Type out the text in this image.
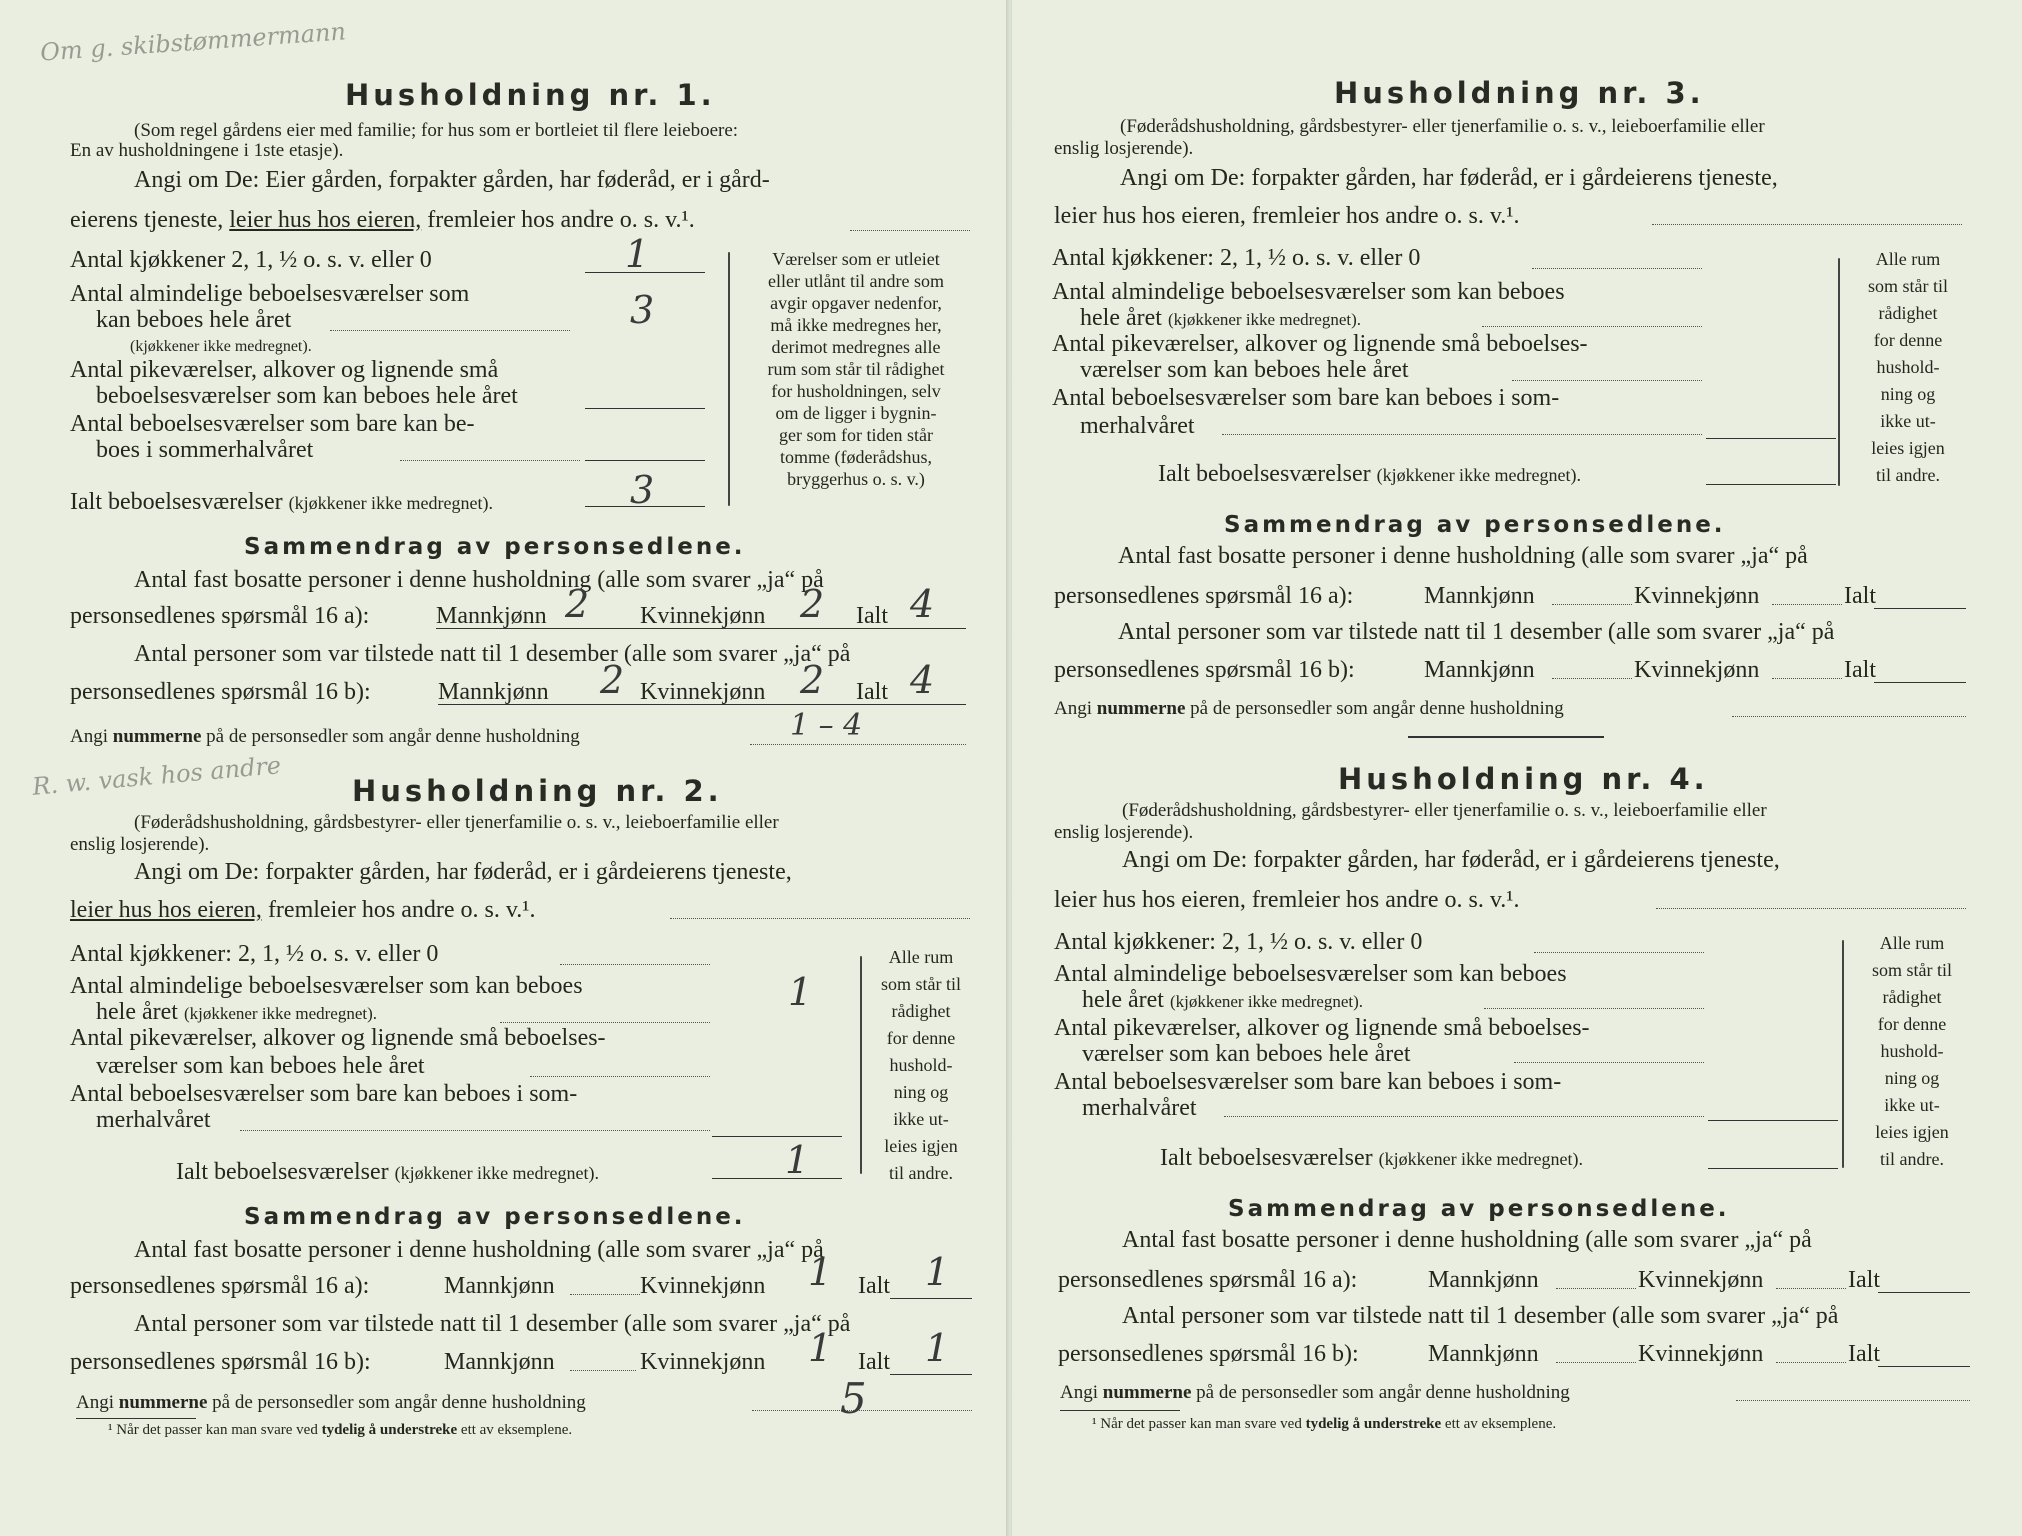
Om g. skibstømmermann
Husholdning nr. 1.
(Som regel gårdens eier med familie; for hus som er bortleiet til flere leieboere:
En av husholdningene i 1ste etasje).
Angi om De: Eier gården, forpakter gården, har føderåd, er i gård-
eierens tjeneste, leier hus hos eieren, fremleier hos andre o. s. v.¹.
Antal kjøkkener 2, 1, ½ o. s. v. eller 0	1
Antal almindelige beboelsesværelser som
kan beboes hele året	3
(kjøkkener ikke medregnet).
Antal pikeværelser, alkover og lignende små
beboelsesværelser som kan beboes hele året
Antal beboelsesværelser som bare kan be-
boes i sommerhalvåret
Ialt beboelsesværelser (kjøkkener ikke medregnet).	3
Værelser som er utleiet
eller utlånt til andre som
avgir opgaver nedenfor,
må ikke medregnes her,
derimot medregnes alle
rum som står til rådighet
for husholdningen, selv
om de ligger i bygnin-
ger som for tiden står
tomme (føderådshus,
bryggerhus o. s. v.)
Sammendrag av personsedlene.
Antal fast bosatte personer i denne husholdning (alle som svarer „ja“ på
personsedlenes spørsmål 16 a):	Mannkjønn 2 Kvinnekjønn 2 Ialt 4
Antal personer som var tilstede natt til 1 desember (alle som svarer „ja“ på
personsedlenes spørsmål 16 b):	Mannkjønn 2 Kvinnekjønn 2 Ialt 4
Angi nummerne på de personsedler som angår denne husholdning	1 – 4
R. w. vask hos andre Husholdning nr. 2.
(Føderådshusholdning, gårdsbestyrer- eller tjenerfamilie o. s. v., leieboerfamilie eller
enslig losjerende).
Angi om De: forpakter gården, har føderåd, er i gårdeierens tjeneste,
leier hus hos eieren, fremleier hos andre o. s. v.¹.
Antal kjøkkener: 2, 1, ½ o. s. v. eller 0
Antal almindelige beboelsesværelser som kan beboes
hele året (kjøkkener ikke medregnet).	1
Antal pikeværelser, alkover og lignende små beboelses-
værelser som kan beboes hele året
Antal beboelsesværelser som bare kan beboes i som-
merhalvåret
Ialt beboelsesværelser (kjøkkener ikke medregnet).	1
Alle rum
som står til
rådighet
for denne
hushold-
ning og
ikke ut-
leies igjen
til andre.
Sammendrag av personsedlene.
Antal fast bosatte personer i denne husholdning (alle som svarer „ja“ på
personsedlenes spørsmål 16 a):	Mannkjønn	Kvinnekjønn 1 Ialt 1
Antal personer som var tilstede natt til 1 desember (alle som svarer „ja“ på
personsedlenes spørsmål 16 b):	Mannkjønn	Kvinnekjønn 1 Ialt 1
Angi nummerne på de personsedler som angår denne husholdning	5
¹ Når det passer kan man svare ved tydelig å understreke ett av eksemplene.
Husholdning nr. 3.
(Føderådshusholdning, gårdsbestyrer- eller tjenerfamilie o. s. v., leieboerfamilie eller
enslig losjerende).
Angi om De: forpakter gården, har føderåd, er i gårdeierens tjeneste,
leier hus hos eieren, fremleier hos andre o. s. v.¹.
Antal kjøkkener: 2, 1, ½ o. s. v. eller 0
Antal almindelige beboelsesværelser som kan beboes
hele året (kjøkkener ikke medregnet).
Antal pikeværelser, alkover og lignende små beboelses-
værelser som kan beboes hele året
Antal beboelsesværelser som bare kan beboes i som-
merhalvåret
Ialt beboelsesværelser (kjøkkener ikke medregnet).
Alle rum
som står til
rådighet
for denne
hushold-
ning og
ikke ut-
leies igjen
til andre.
Sammendrag av personsedlene.
Antal fast bosatte personer i denne husholdning (alle som svarer „ja“ på
personsedlenes spørsmål 16 a):	Mannkjønn	Kvinnekjønn	Ialt
Antal personer som var tilstede natt til 1 desember (alle som svarer „ja“ på
personsedlenes spørsmål 16 b):	Mannkjønn	Kvinnekjønn	Ialt
Angi nummerne på de personsedler som angår denne husholdning
Husholdning nr. 4.
(Føderådshusholdning, gårdsbestyrer- eller tjenerfamilie o. s. v., leieboerfamilie eller
enslig losjerende).
Angi om De: forpakter gården, har føderåd, er i gårdeierens tjeneste,
leier hus hos eieren, fremleier hos andre o. s. v.¹.
Antal kjøkkener: 2, 1, ½ o. s. v. eller 0
Antal almindelige beboelsesværelser som kan beboes
hele året (kjøkkener ikke medregnet).
Antal pikeværelser, alkover og lignende små beboelses-
værelser som kan beboes hele året
Antal beboelsesværelser som bare kan beboes i som-
merhalvåret
Ialt beboelsesværelser (kjøkkener ikke medregnet).
Alle rum
som står til
rådighet
for denne
hushold-
ning og
ikke ut-
leies igjen
til andre.
Sammendrag av personsedlene.
Antal fast bosatte personer i denne husholdning (alle som svarer „ja“ på
personsedlenes spørsmål 16 a):	Mannkjønn	Kvinnekjønn	Ialt
Antal personer som var tilstede natt til 1 desember (alle som svarer „ja“ på
personsedlenes spørsmål 16 b):	Mannkjønn	Kvinnekjønn	Ialt
Angi nummerne på de personsedler som angår denne husholdning
¹ Når det passer kan man svare ved tydelig å understreke ett av eksemplene.
